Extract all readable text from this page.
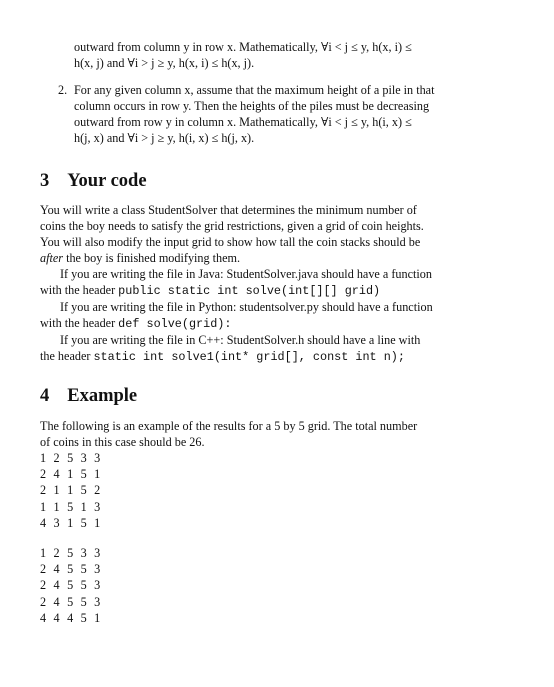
outward from column y in row x. Mathematically, ∀i < j ≤ y, h(x, i) ≤
h(x, j) and ∀i > j ≥ y, h(x, i) ≤ h(x, j).
2. For any given column x, assume that the maximum height of a pile in that
column occurs in row y. Then the heights of the piles must be decreasing
outward from row y in column x. Mathematically, ∀i < j ≤ y, h(i, x) ≤
h(j, x) and ∀i > j ≥ y, h(i, x) ≤ h(j, x).
3 Your code
You will write a class StudentSolver that determines the minimum number of
coins the boy needs to satisfy the grid restrictions, given a grid of coin heights.
You will also modify the input grid to show how tall the coin stacks should be
after the boy is finished modifying them.
If you are writing the file in Java: StudentSolver.java should have a function
with the header public static int solve(int[][] grid)
If you are writing the file in Python: studentsolver.py should have a function
with the header def solve(grid):
If you are writing the file in C++: StudentSolver.h should have a line with
the header static int solve1(int* grid[], const int n);
4 Example
The following is an example of the results for a 5 by 5 grid. The total number
of coins in this case should be 26.
1 2 5 3 3
2 4 1 5 1
2 1 1 5 2
1 1 5 1 3
4 3 1 5 1
1 2 5 3 3
2 4 5 5 3
2 4 5 5 3
2 4 5 5 3
4 4 4 5 1
